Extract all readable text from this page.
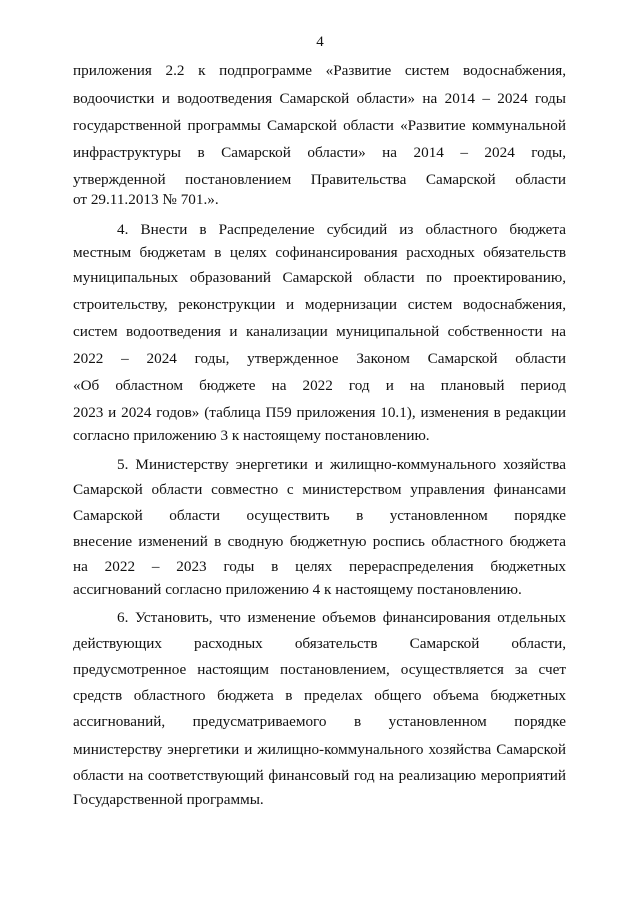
4
приложения 2.2 к подпрограмме «Развитие систем водоснабжения,
водоочистки и водоотведения Самарской области» на 2014 – 2024 годы
государственной программы Самарской области «Развитие коммунальной
инфраструктуры в Самарской области» на 2014 – 2024 годы,
утвержденной постановлением Правительства Самарской области
от 29.11.2013 № 701.».
4. Внести в Распределение субсидий из областного бюджета
местным бюджетам в целях софинансирования расходных обязательств
муниципальных образований Самарской области по проектированию,
строительству, реконструкции и модернизации систем водоснабжения,
систем водоотведения и канализации муниципальной собственности на
2022 – 2024 годы, утвержденное Законом Самарской области
«Об областном бюджете на 2022 год и на плановый период
2023 и 2024 годов» (таблица П59 приложения 10.1), изменения в редакции
согласно приложению 3 к настоящему постановлению.
5. Министерству энергетики и жилищно-коммунального хозяйства
Самарской области совместно с министерством управления финансами
Самарской области осуществить в установленном порядке
внесение изменений в сводную бюджетную роспись областного бюджета
на 2022 – 2023 годы в целях перераспределения бюджетных
ассигнований согласно приложению 4 к настоящему постановлению.
6. Установить, что изменение объемов финансирования отдельных
действующих расходных обязательств Самарской области,
предусмотренное настоящим постановлением, осуществляется за счет
средств областного бюджета в пределах общего объема бюджетных
ассигнований, предусматриваемого в установленном порядке
министерству энергетики и жилищно-коммунального хозяйства Самарской
области на соответствующий финансовый год на реализацию мероприятий
Государственной программы.
